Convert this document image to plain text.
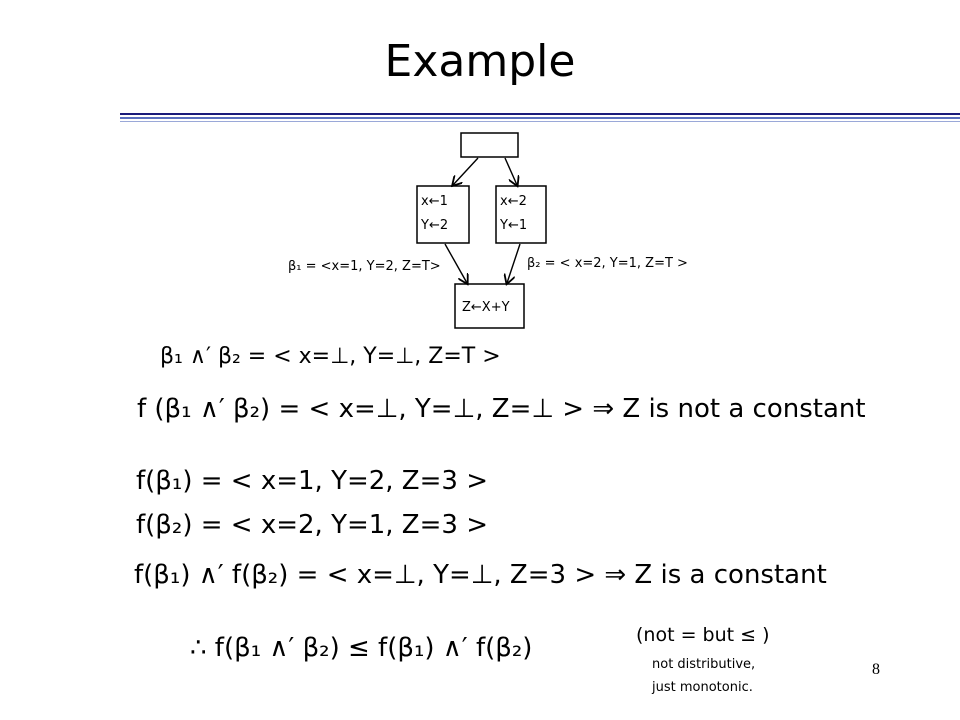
Example
x←1
Y←2
x←2
Y←1
Z←X+Y
β₁ = <x=1, Y=2, Z=T>	β₂ = < x=2, Y=1, Z=T >
β₁ ∧′ β₂ = < x=⊥, Y=⊥, Z=T >
f (β₁ ∧′ β₂) = < x=⊥, Y=⊥, Z=⊥ > ⇒ Z is not a constant
f(β₁) = < x=1, Y=2, Z=3 >
f(β₂) = < x=2, Y=1, Z=3 >
f(β₁) ∧′ f(β₂) = < x=⊥, Y=⊥, Z=3 > ⇒ Z is a constant
∴ f(β₁ ∧′ β₂) ≤ f(β₁) ∧′ f(β₂)	(not = but ≤ )
not distributive,
just monotonic.
8
